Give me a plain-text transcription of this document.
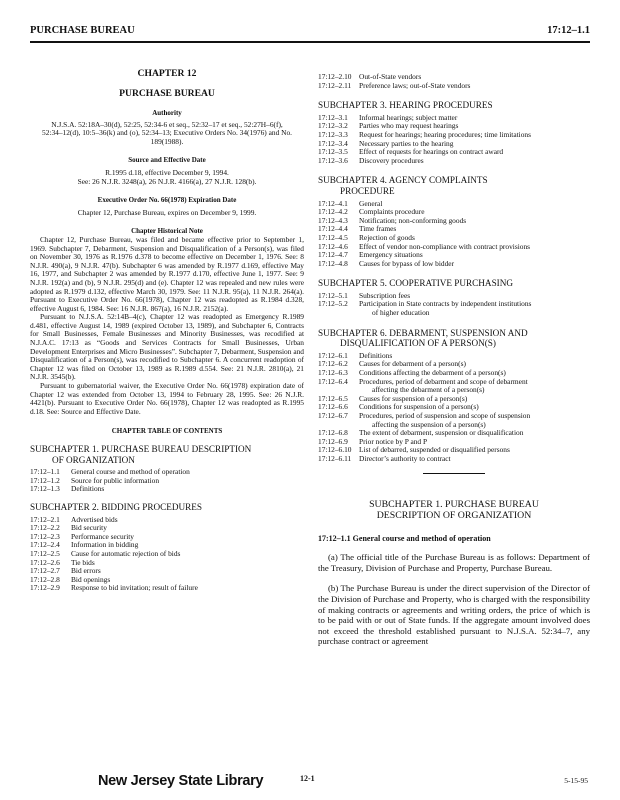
PURCHASE BUREAU	17:12–1.1
CHAPTER 12
PURCHASE BUREAU
Authority
N.J.S.A. 52:18A–30(d), 52:25, 52:34-6 et seq., 52:32–17 et seq., 52:27H–6(f), 52:34–12(d), 10:5–36(k) and (o), 52:34–13; Executive Orders No. 34(1976) and No. 189(1988).
Source and Effective Date
R.1995 d.18, effective December 9, 1994.
See: 26 N.J.R. 3248(a), 26 N.J.R. 4166(a), 27 N.J.R. 128(b).
Executive Order No. 66(1978) Expiration Date
Chapter 12, Purchase Bureau, expires on December 9, 1999.
Chapter Historical Note

Chapter 12, Purchase Bureau, was filed and became effective prior to September 1, 1969. Subchapter 7, Debarment, Suspension and Disqualification of a Person(s), was filed on November 30, 1976 as R.1976 d.378 to become effective on December 1, 1976. See: 8 N.J.R. 490(a), 9 N.J.R. 47(b). Subchapter 6 was amended by R.1977 d.169, effective May 16, 1977, and Subchapter 2 was amended by R.1977 d.170, effective June 1, 1977. See: 9 N.J.R. 192(a) and (b), 9 N.J.R. 295(d) and (e). Chapter 12 was repealed and new rules were adopted as R.1979 d.132, effective March 30, 1979. See: 11 N.J.R. 95(a), 11 N.J.R. 264(a). Pursuant to Executive Order No. 66(1978), Chapter 12 was readopted as R.1984 d.328, effective August 6, 1984. See: 16 N.J.R. 867(a), 16 N.J.R. 2152(a).

Pursuant to N.J.S.A. 52:14B–4(c), Chapter 12 was readopted as Emergency R.1989 d.481, effective August 14, 1989 (expired October 13, 1989), and Subchapter 6, Contracts for Small Businesses, Female Businesses and Minority Businesses, was recodified at N.J.A.C. 17:13 as “Goods and Services Contracts for Small Businesses, Urban Development Enterprises and Micro Businesses”. Subchapter 7, Debarment, Suspension and Disqualification of a Person(s), was recodified to Subchapter 6. A concurrent readoption of Chapter 12 was filed on October 13, 1989 as R.1989 d.554. See: 21 N.J.R. 2810(a), 21 N.J.R. 3545(b).

Pursuant to gubernatorial waiver, the Executive Order No. 66(1978) expiration date of Chapter 12 was extended from October 13, 1994 to February 28, 1995. See: 26 N.J.R. 4421(b). Pursuant to Executive Order No. 66(1978), Chapter 12 was readopted as R.1995 d.18. See: Source and Effective Date.

CHAPTER TABLE OF CONTENTS
SUBCHAPTER 1. PURCHASE BUREAU DESCRIPTION
OF ORGANIZATION
17:12–1.1	General course and method of operation
17:12–1.2	Source for public information
17:12–1.3	Definitions
SUBCHAPTER 2. BIDDING PROCEDURES
17:12–2.1	Advertised bids
17:12–2.2	Bid security
17:12–2.3	Performance security
17:12–2.4	Information in bidding
17:12–2.5	Cause for automatic rejection of bids
17:12–2.6	Tie bids
17:12–2.7	Bid errors
17:12–2.8	Bid openings
17:12–2.9	Response to bid invitation; result of failure
17:12–2.10	Out-of-State vendors
17:12–2.11	Preference laws; out-of-State vendors
SUBCHAPTER 3. HEARING PROCEDURES
17:12–3.1	Informal hearings; subject matter
17:12–3.2	Parties who may request hearings
17:12–3.3	Request for hearings; hearing procedures; time limitations
17:12–3.4	Necessary parties to the hearing
17:12–3.5	Effect of requests for hearings on contract award
17:12–3.6	Discovery procedures
SUBCHAPTER 4. AGENCY COMPLAINTS
PROCEDURE
17:12–4.1	General
17:12–4.2	Complaints procedure
17:12–4.3	Notification; non-conforming goods
17:12–4.4	Time frames
17:12–4.5	Rejection of goods
17:12–4.6	Effect of vendor non-compliance with contract provisions
17:12–4.7	Emergency situations
17:12–4.8	Causes for bypass of low bidder
SUBCHAPTER 5. COOPERATIVE PURCHASING
17:12–5.1	Subscription fees
17:12–5.2	Participation in State contracts by independent institutions
of higher education
SUBCHAPTER 6. DEBARMENT, SUSPENSION AND
DISQUALIFICATION OF A PERSON(S)
17:12–6.1	Definitions
17:12–6.2	Causes for debarment of a person(s)
17:12–6.3	Conditions affecting the debarment of a person(s)
17:12–6.4	Procedures, period of debarment and scope of debarment
affecting the debarment of a person(s)
17:12–6.5	Causes for suspension of a person(s)
17:12–6.6	Conditions for suspension of a person(s)
17:12–6.7	Procedures, period of suspension and scope of suspension
affecting the suspension of a person(s)
17:12–6.8	The extent of debarment, suspension or disqualification
17:12–6.9	Prior notice by P and P
17:12–6.10	List of debarred, suspended or disqualified persons
17:12–6.11	Director’s authority to contract
SUBCHAPTER 1. PURCHASE BUREAU
DESCRIPTION OF ORGANIZATION
17:12–1.1 General course and method of operation

(a) The official title of the Purchase Bureau is as follows: Department of the Treasury, Division of Purchase and Property, Purchase Bureau.

(b) The Purchase Bureau is under the direct supervision of the Director of the Division of Purchase and Property, who is charged with the responsibility of making contracts or agreements and writing orders, the price of which is to be paid with or out of State funds. If the aggregate amount involved does not exceed the threshold established pursuant to N.J.S.A. 52:34–7, any purchase contract or agreement

New Jersey State Library	12-1	5-15-95
